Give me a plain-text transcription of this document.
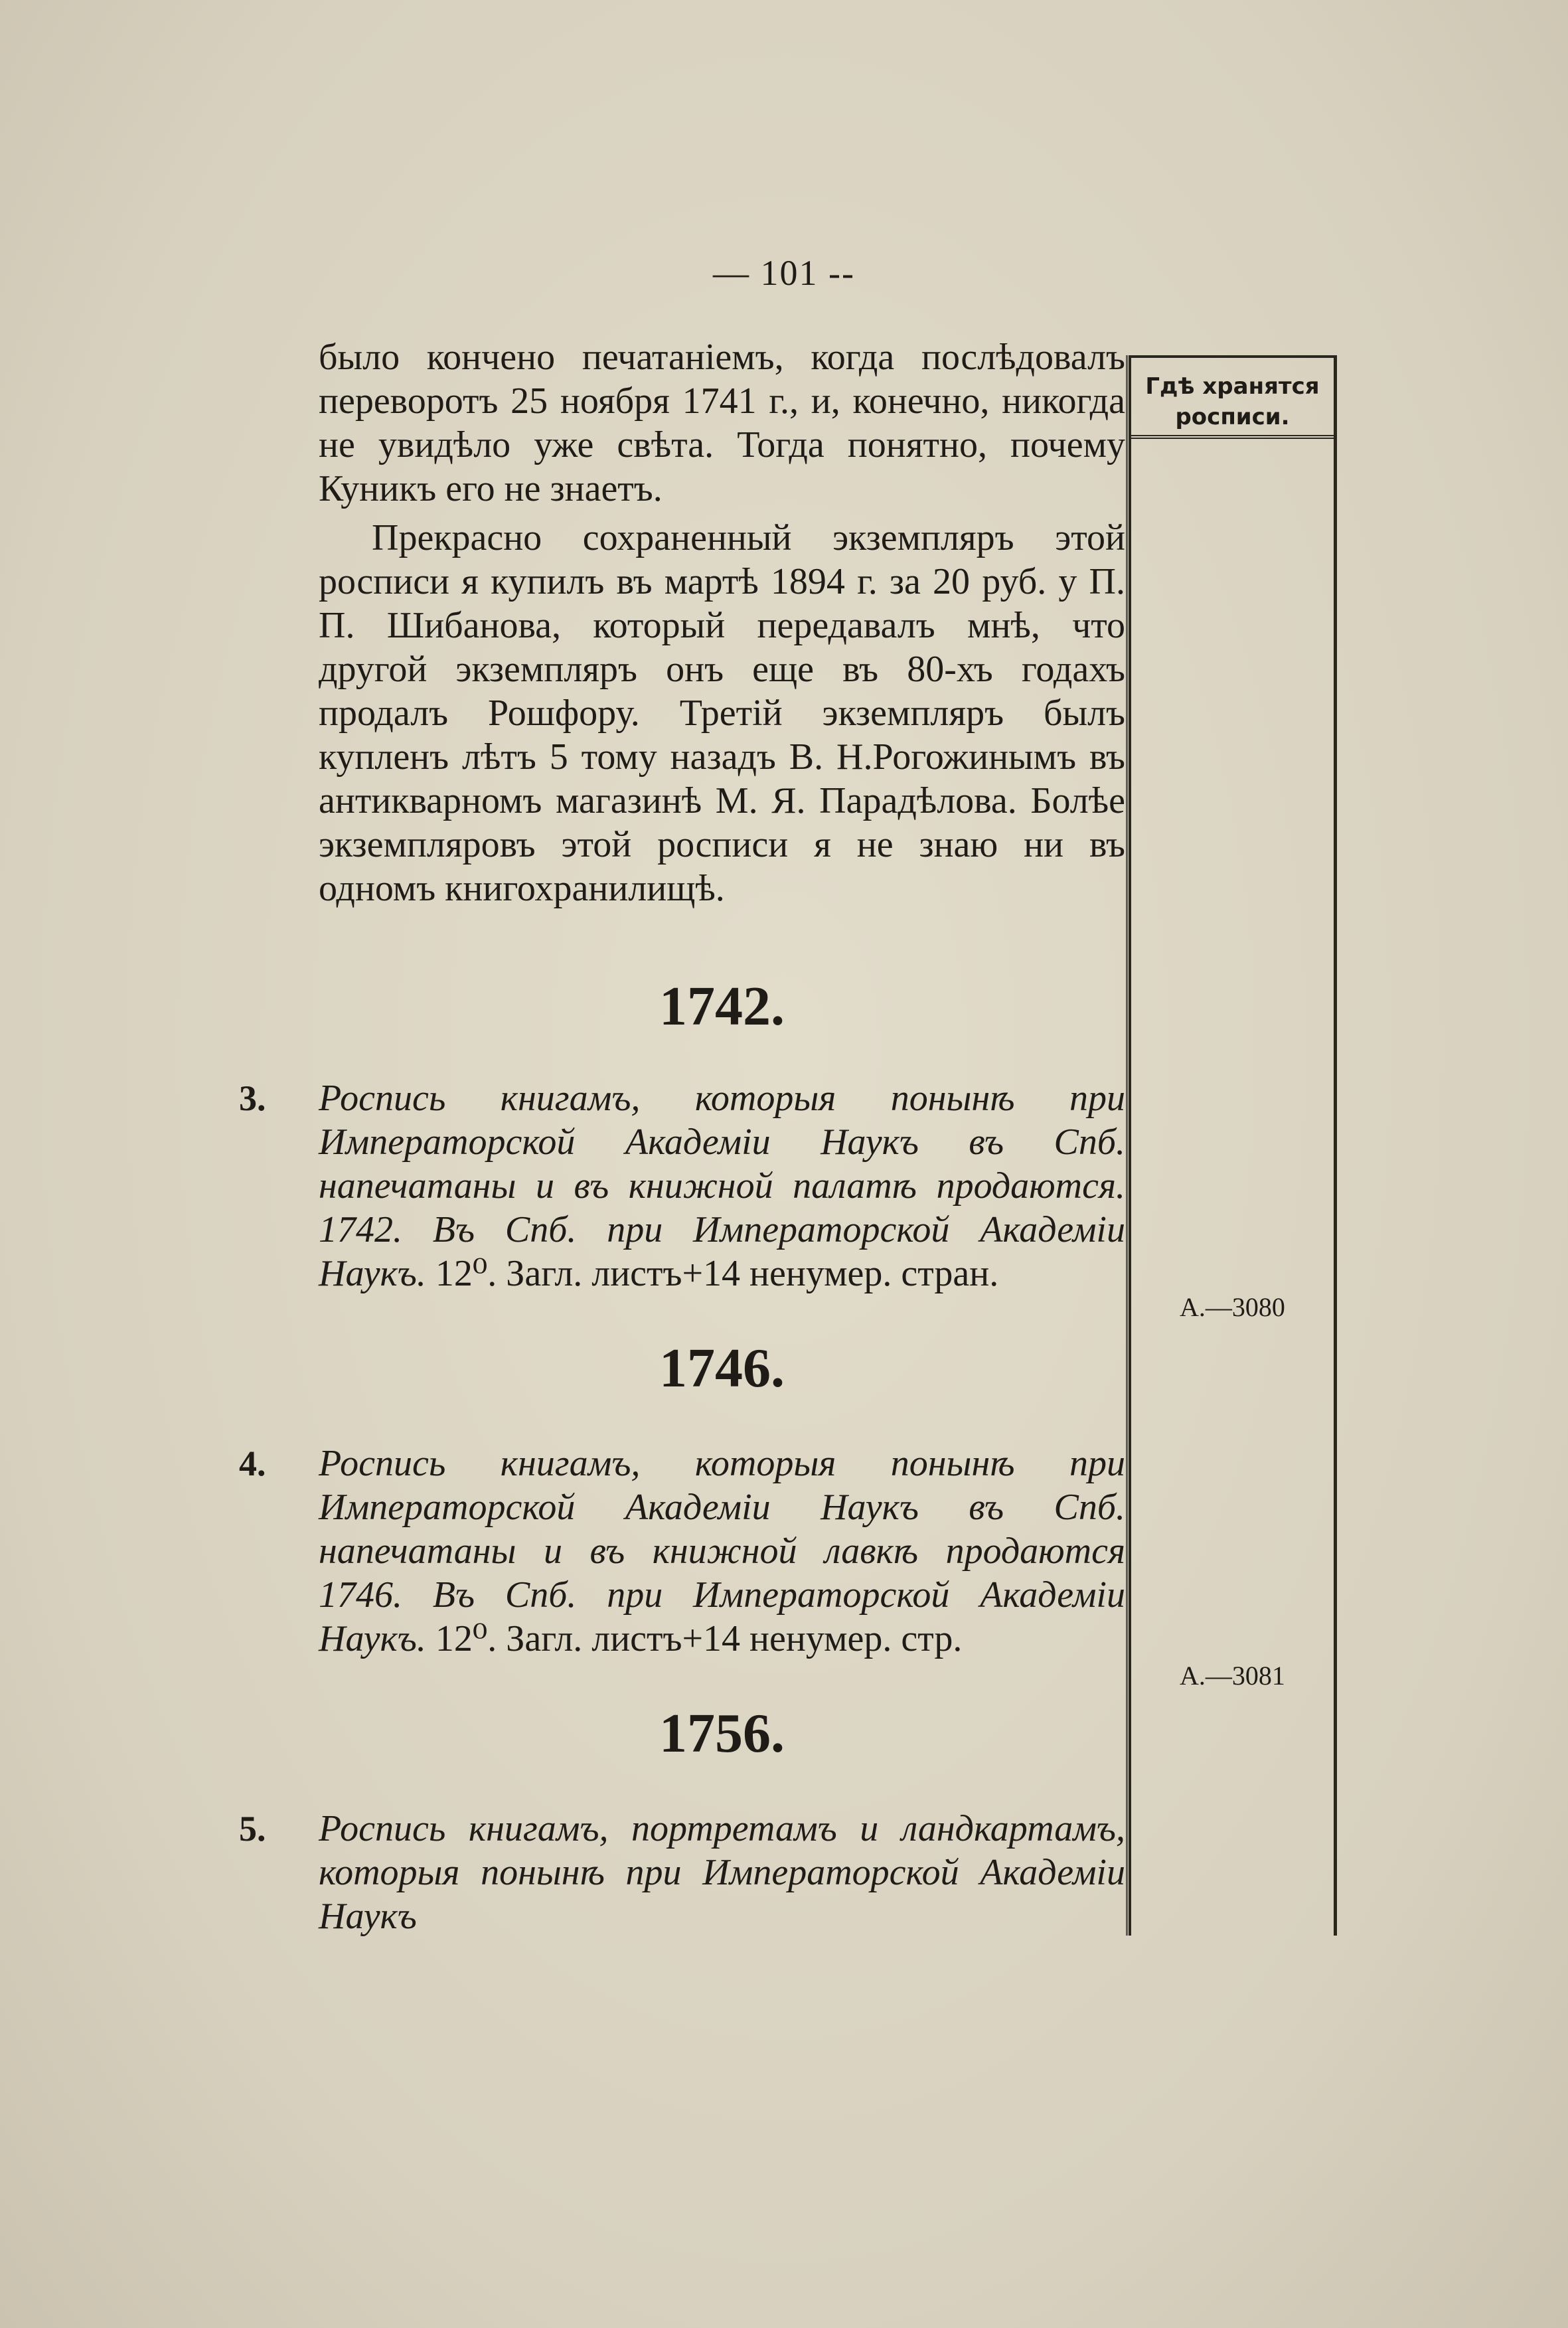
— 101 --
Гдѣ хранятся
росписи.
А.—3080
А.—3081

было кончено печатаніемъ, когда послѣдовалъ переворотъ 25 ноября 1741 г., и, конечно, никогда не увидѣло уже свѣта. Тогда понятно, почему Куникъ его не знаетъ.

Прекрасно сохраненный экземпляръ этой росписи я купилъ въ мартѣ 1894 г. за 20 руб. у П. П. Шибанова, который передавалъ мнѣ, что другой экземпляръ онъ еще въ 80-хъ годахъ продалъ Рошфору. Третій экземпляръ былъ купленъ лѣтъ 5 тому назадъ В. Н.Рогожинымъ въ антикварномъ магазинѣ М. Я. Парадѣлова. Болѣе экземпляровъ этой росписи я не знаю ни въ одномъ книгохранилищѣ.

1742.

3. Роспись книгамъ, которыя понынѣ при Императорской Академіи Наукъ въ Спб. напечатаны и въ книжной палатѣ продаются. 1742. Въ Спб. при Императорской Академіи Наукъ. 12⁰. Загл. листъ+14 ненумер. стран.

1746.

4. Роспись книгамъ, которыя понынѣ при Императорской Академіи Наукъ въ Спб. напечатаны и въ книжной лавкѣ продаются 1746. Въ Спб. при Императорской Академіи Наукъ. 12⁰. Загл. листъ+14 ненумер. стр.

1756.

5. Роспись книгамъ, портретамъ и ландкартамъ, которыя понынѣ при Императорской Академіи Наукъ
